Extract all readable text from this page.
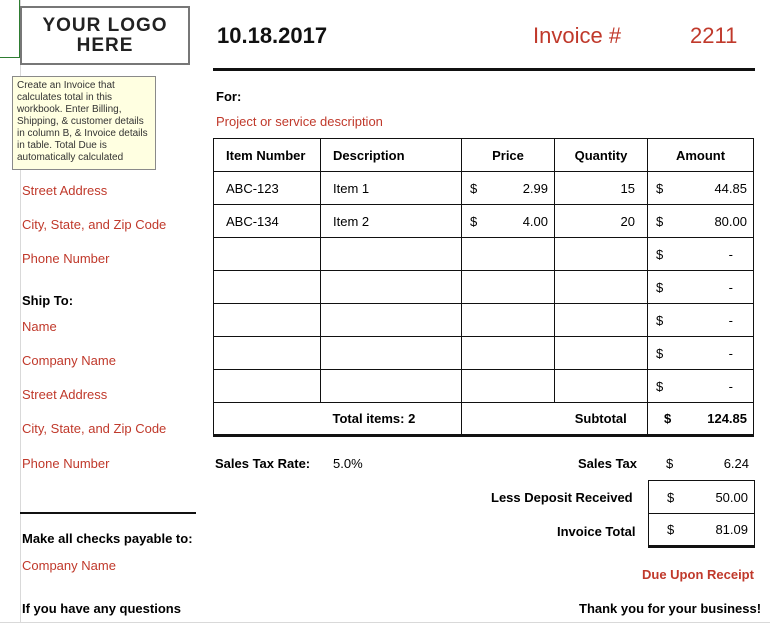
YOUR LOGO
HERE
Create an Invoice that calculates total in this workbook. Enter Billing, Shipping, & customer details in column B, & Invoice details in table. Total Due is automatically calculated
10.18.2017	Invoice #	2211
For:
Project or service description
Street Address
City, State, and Zip Code
Phone Number
Ship To:
Name
Company Name
Street Address
City, State, and Zip Code
Phone Number
Make all checks payable to:
Company Name
If you have any questions
Item Number	Description	Price	Quantity	Amount
ABC-123	Item 1	$ 2.99	15	$ 44.85

ABC-134	Item 2	$ 4.00	20	$ 80.00

				$ -

				$ -

				$ -

				$ -

				$ -

	Total items: 2		Subtotal	$ 124.85
Sales Tax Rate: 5.0%	Sales Tax $	6.24
Less Deposit Received	$	50.00
Invoice Total $	81.09
Due Upon Receipt
Thank you for your business!
